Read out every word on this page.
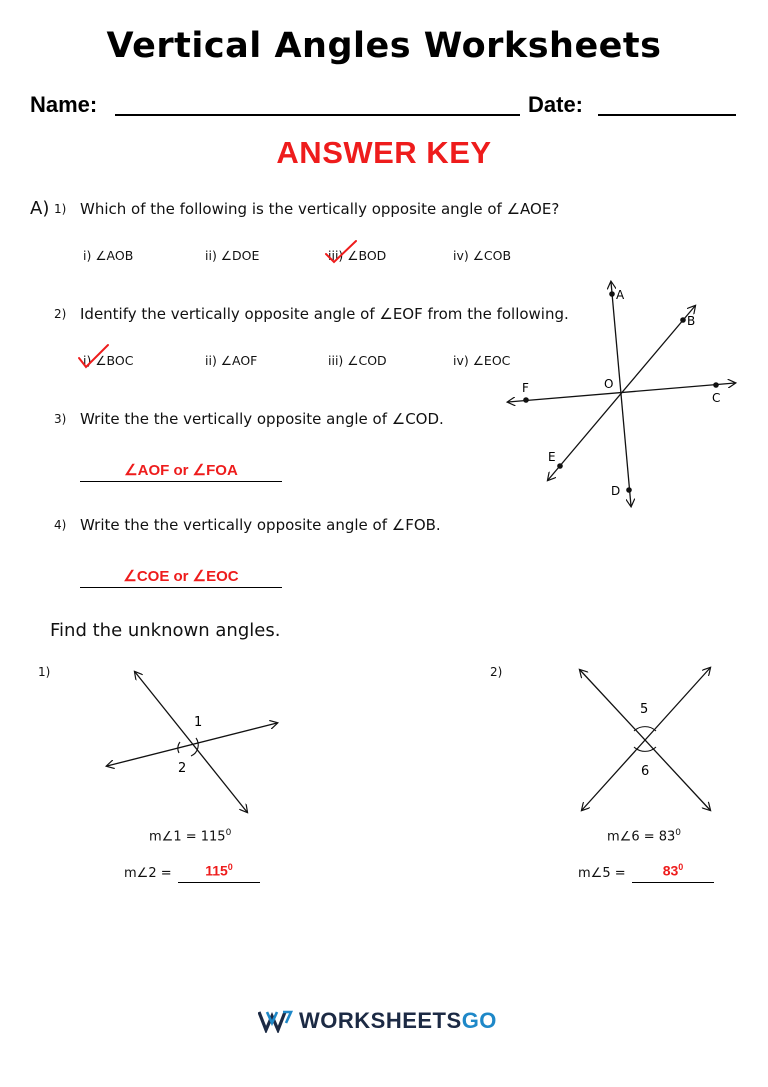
Vertical Angles Worksheets
Name:	Date:
ANSWER KEY
A) 1) Which of the following is the vertically opposite angle of ∠AOE?
i) ∠AOB	ii) ∠DOE	iii) ∠BOD	iv) ∠COB
2) Identify the vertically opposite angle of ∠EOF from the following.
i) ∠BOC	ii) ∠AOF	iii) ∠COD	iv) ∠EOC
3) Write the the vertically opposite angle of ∠COD.
∠AOF or ∠FOA
4) Write the the vertically opposite angle of ∠FOB.
∠COE or ∠EOC
A
B
C
D
E
F	O
Find the unknown angles.
1)
1
2
m∠1 = $115^0$
m∠2 =	$115^0$
2)
5
6
m∠6 = $83^0$
m∠5 =	$83^0$
WORKSHEETS GO
